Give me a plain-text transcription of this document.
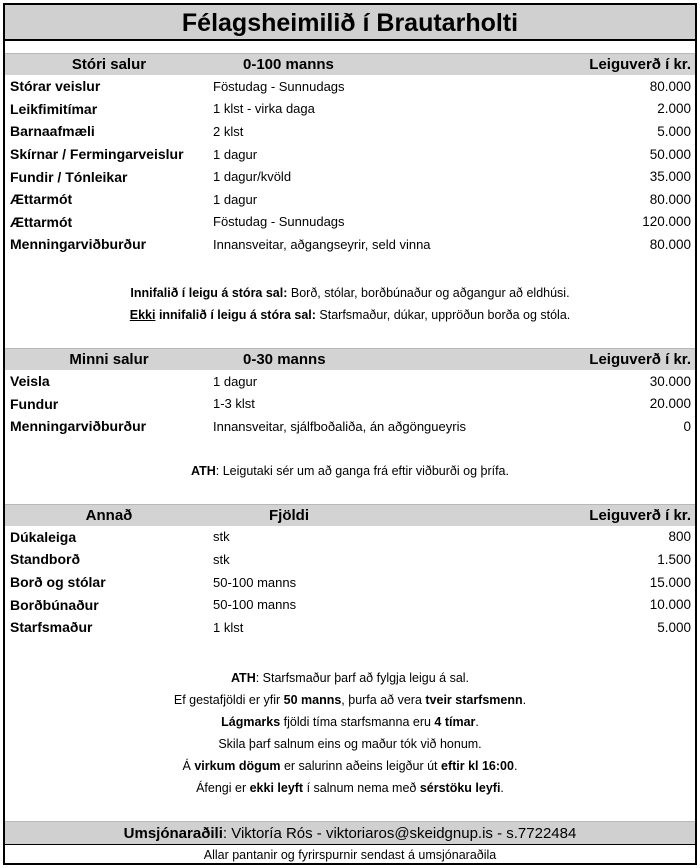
Félagsheimilið í Brautarholti
Stóri salur	0-100 manns	Leiguverð í kr.
Stórar veislur	Föstudag - Sunnudags	80.000
Leikfimitímar	1 klst - virka daga	2.000
Barnaafmæli	2 klst	5.000
Skírnar / Fermingarveislur	1 dagur	50.000
Fundir / Tónleikar	1 dagur/kvöld	35.000
Ættarmót	1 dagur	80.000
Ættarmót	Föstudag - Sunnudags	120.000
Menningarviðburður	Innansveitar, aðgangseyrir, seld vinna	80.000
Innifalið í leigu á stóra sal: Borð, stólar, borðbúnaður og aðgangur að eldhúsi.
Ekki innifalið í leigu á stóra sal: Starfsmaður, dúkar, uppröðun borða og stóla.
Minni salur	0-30 manns	Leiguverð í kr.
Veisla	1 dagur	30.000
Fundur	1-3 klst	20.000
Menningarviðburður	Innansveitar, sjálfboðaliða, án aðgöngueyris	0
ATH: Leigutaki sér um að ganga frá eftir viðburði og þrífa.
Annað	Fjöldi	Leiguverð í kr.
Dúkaleiga	stk	800
Standborð	stk	1.500
Borð og stólar	50-100 manns	15.000
Borðbúnaður	50-100 manns	10.000
Starfsmaður	1 klst	5.000
ATH: Starfsmaður þarf að fylgja leigu á sal.
Ef gestafjöldi er yfir 50 manns, þurfa að vera tveir starfsmenn.
Lágmarks fjöldi tíma starfsmanna eru 4 tímar.
Skila þarf salnum eins og maður tók við honum.
Á virkum dögum er salurinn aðeins leigður út eftir kl 16:00.
Áfengi er ekki leyft í salnum nema með sérstöku leyfi.
Umsjónaraðili: Viktoría Rós - viktoriaros@skeidgnup.is - s.7722484
Allar pantanir og fyrirspurnir sendast á umsjónaraðila
